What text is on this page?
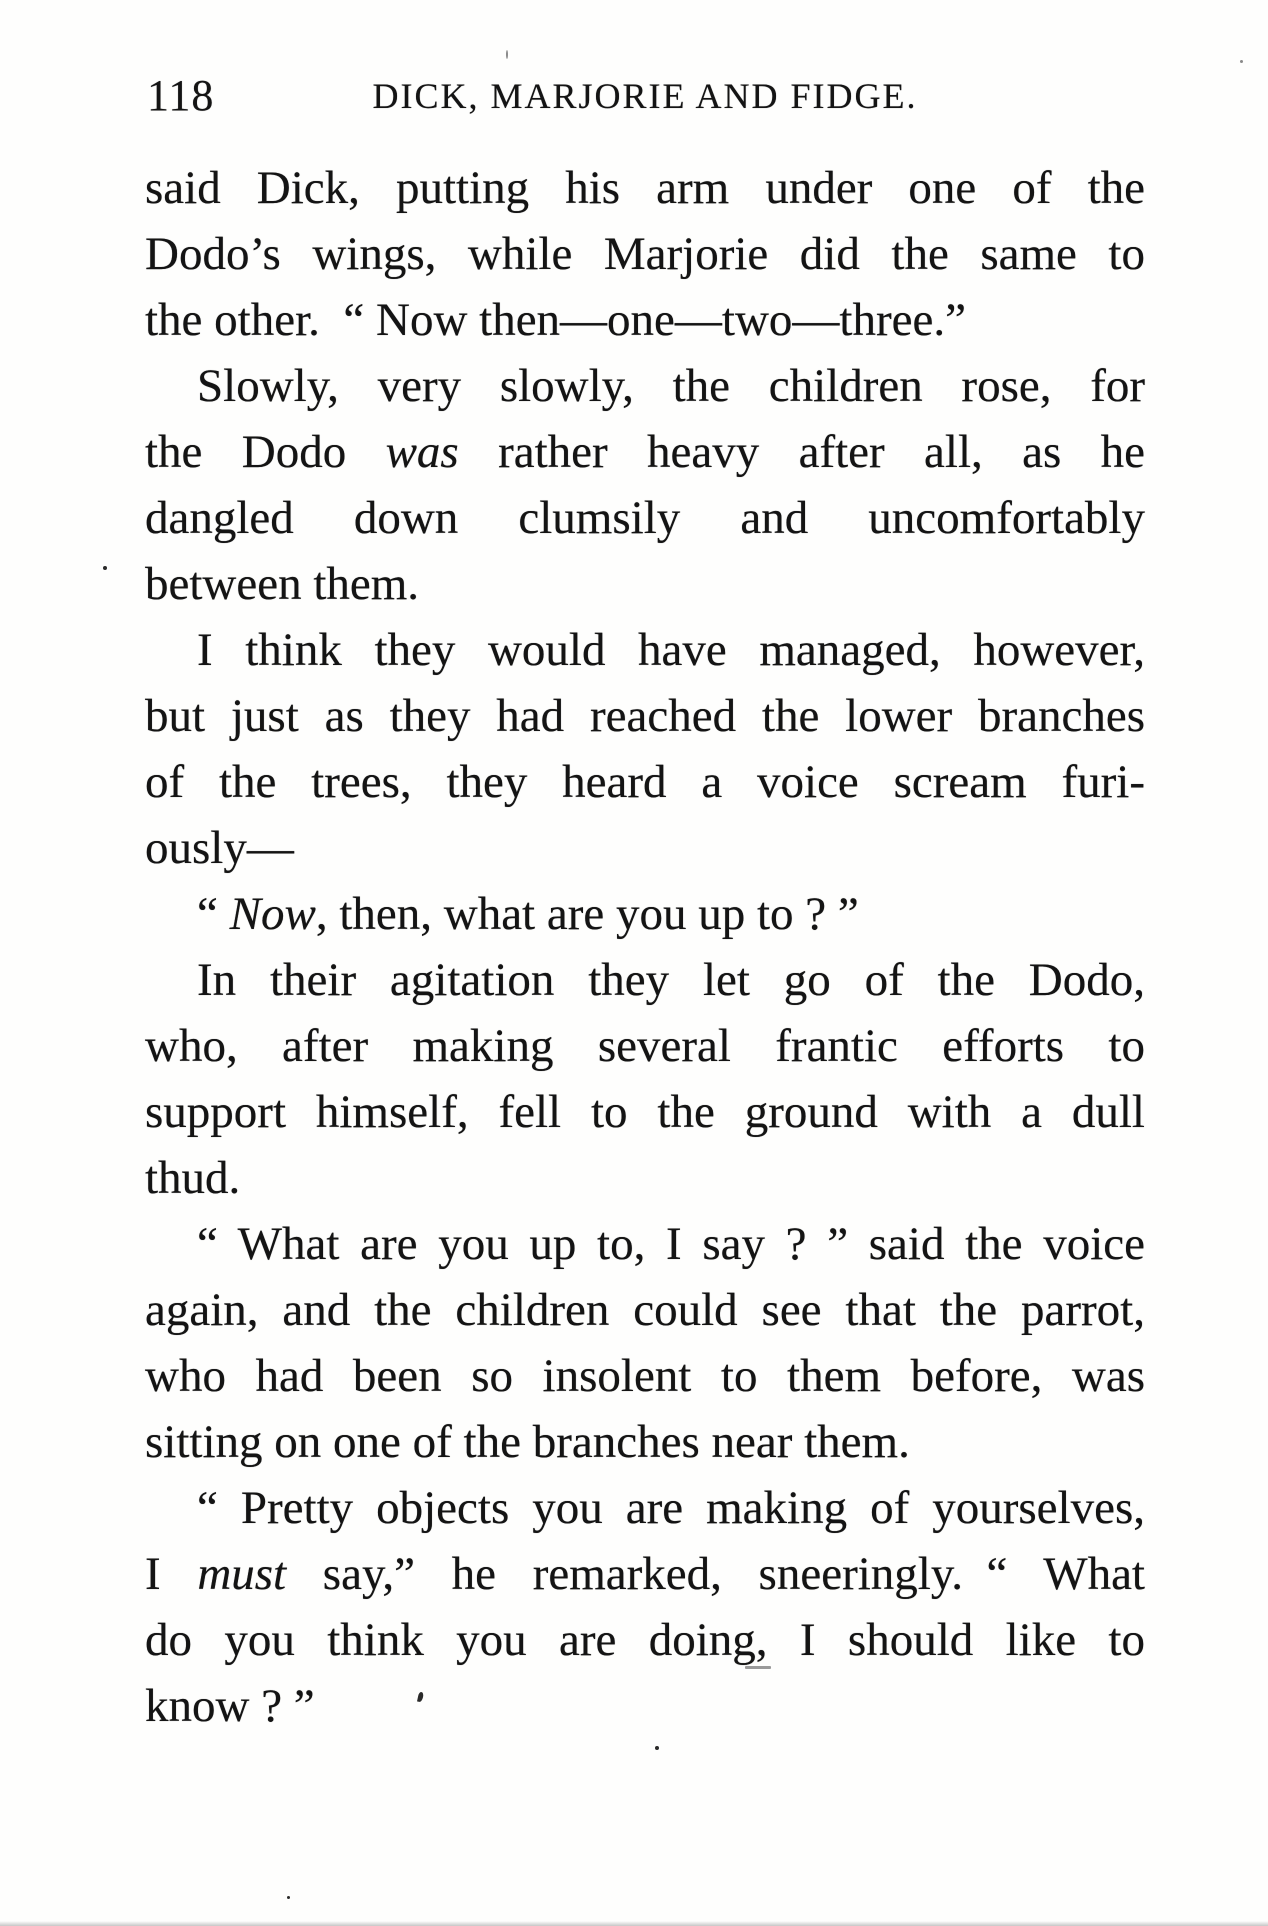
118	DICK, MARJORIE AND FIDGE.
said Dick, putting his arm under one of the
Dodo’s wings, while Marjorie did the same to
the other. “ Now then—one—two—three.”
Slowly, very slowly, the children rose, for
the Dodo was rather heavy after all, as he
dangled down clumsily and uncomfortably
between them.
I think they would have managed, however,
but just as they had reached the lower branches
of the trees, they heard a voice scream furi-
ously—
“ Now, then, what are you up to ? ”
In their agitation they let go of the Dodo,
who, after making several frantic efforts to
support himself, fell to the ground with a dull
thud.
“ What are you up to, I say ? ” said the voice
again, and the children could see that the parrot,
who had been so insolent to them before, was
sitting on one of the branches near them.
“ Pretty objects you are making of yourselves,
I must say,” he remarked, sneeringly. “ What
do you think you are doing, I should like to
know ? ”
